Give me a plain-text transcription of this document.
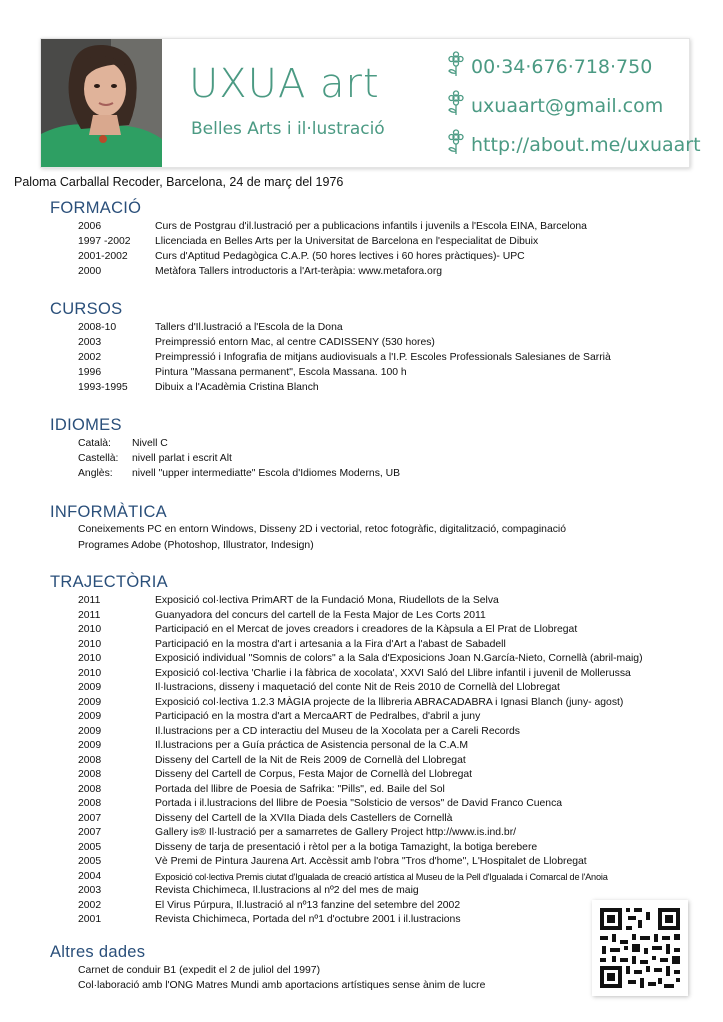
UXUA art
Belles Arts i il·lustració
00·34·676·718·750
uxuaart@gmail.com
http://about.me/uxuaart
Paloma Carballal Recoder, Barcelona, 24 de març del 1976
FORMACIÓ
2006	Curs de Postgrau d'il.lustració per a publicacions infantils i juvenils a l'Escola EINA, Barcelona
1997 -2002 Llicenciada en Belles Arts per la Universitat de Barcelona en l'especialitat de Dibuix
2001-2002	Curs d'Aptitud Pedagògica C.A.P. (50 hores lectives i 60 hores pràctiques)- UPC
2000	Metàfora Tallers introductoris a l'Art-teràpia: www.metafora.org
CURSOS
2008-10	Tallers d'Il.lustració a l'Escola de la Dona
2003	Preimpressió entorn Mac, al centre CADISSENY (530 hores)
2002	Preimpressió i Infografia de mitjans audiovisuals a l'I.P. Escoles Professionals Salesianes de Sarrià
1996	Pintura "Massana permanent", Escola Massana. 100 h
1993-1995	Dibuix a l'Acadèmia Cristina Blanch
IDIOMES
Català: Nivell C
Castellà: nivell parlat i escrit Alt
Anglès: nivell "upper intermediatte" Escola d'Idiomes Moderns, UB
INFORMÀTICA
Coneixements PC en entorn Windows, Disseny 2D i vectorial, retoc fotogràfic, digitalització, compaginació
Programes Adobe (Photoshop, Illustrator, Indesign)
TRAJECTÒRIA
2011	Exposició col·lectiva PrimART de la Fundació Mona, Riudellots de la Selva
2011	Guanyadora del concurs del cartell de la Festa Major de Les Corts 2011
2010	Participació en el Mercat de joves creadors i creadores de la Kàpsula a El Prat de Llobregat
2010	Participació en la mostra d'art i artesania a la Fira d'Art a l'abast de Sabadell
2010	Exposició individual "Somnis de colors" a la Sala d'Exposicions Joan N.García-Nieto, Cornellà (abril-maig)
2010	Exposició col·lectiva 'Charlie i la fàbrica de xocolata', XXVI Saló del Llibre infantil i juvenil de Mollerussa
2009	Il·lustracions, disseny i maquetació del conte Nit de Reis 2010 de Cornellà del Llobregat
2009	Exposició col·lectiva 1.2.3 MÀGIA projecte de la llibreria ABRACADABRA i Ignasi Blanch (juny- agost)
2009	Participació en la mostra d'art a MercaART de Pedralbes, d'abril a juny
2009	Il.lustracions per a CD interactiu del Museu de la Xocolata per a Careli Records
2009	Il.lustracions per a Guía práctica de Asistencia personal de la C.A.M
2008	Disseny del Cartell de la Nit de Reis 2009 de Cornellà del Llobregat
2008	Disseny del Cartell de Corpus, Festa Major de Cornellà del Llobregat
2008	Portada del llibre de Poesia de Safrika: "Pills", ed. Baile del Sol
2008	Portada i il.lustracions del llibre de Poesia "Solsticio de versos" de David Franco Cuenca
2007	Disseny del Cartell de la XVIIa Diada dels Castellers de Cornellà
2007	Gallery is® Il·lustració per a samarretes de Gallery Project http://www.is.ind.br/
2005	Disseny de tarja de presentació i rètol per a la botiga Tamazight, la botiga berebere
2005	Vè Premi de Pintura Jaurena Art. Accèssit amb l'obra "Tros d'home", L'Hospitalet de Llobregat
2004	Exposició col·lectiva Premis ciutat d'Igualada de creació artística al Museu de la Pell d'Igualada i Comarcal de l'Anoia
2003	Revista Chichimeca, Il.lustracions al nº2 del mes de maig
2002	El Virus Púrpura, Il.lustració al nº13 fanzine del setembre del 2002
2001	Revista Chichimeca, Portada del nº1 d'octubre 2001 i il.lustracions
Altres dades
Carnet de conduir B1 (expedit el 2 de juliol del 1997)
Col·laboració amb l'ONG Matres Mundi amb aportacions artístiques sense ànim de lucre
